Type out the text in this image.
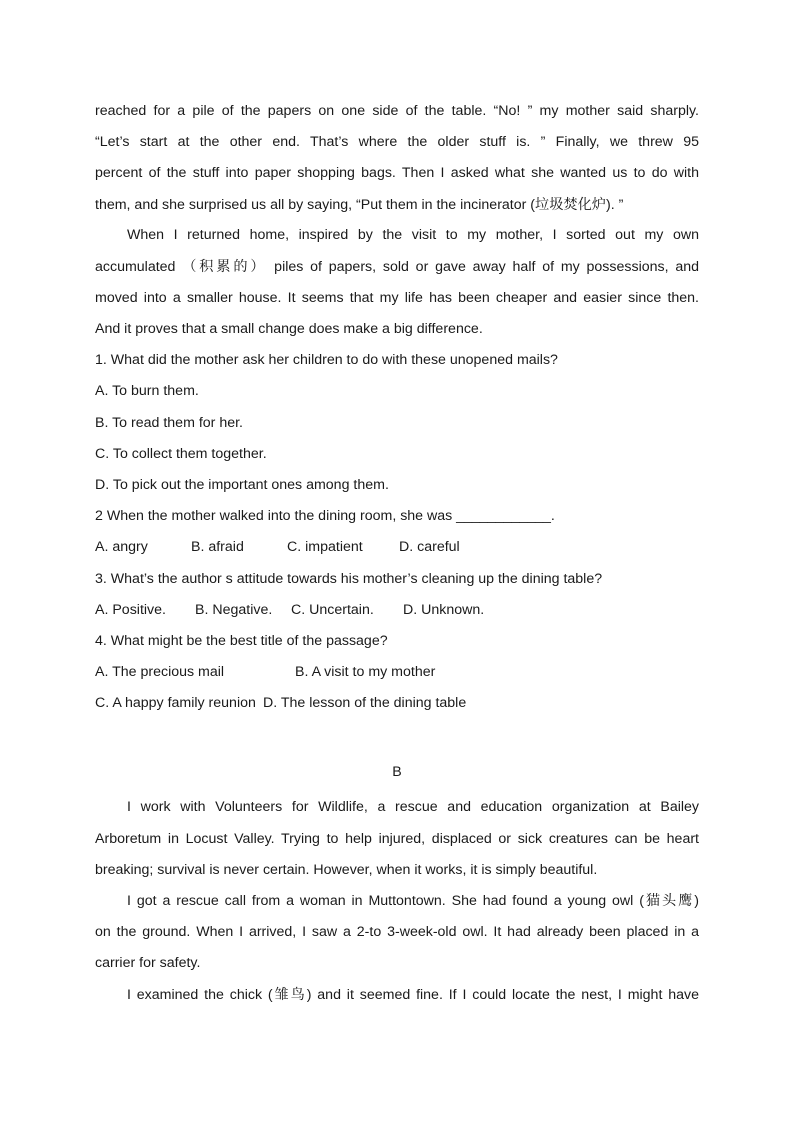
reached for a pile of the papers on one side of the table. “No! ” my mother said sharply.
“Let’s start at the other end. That’s where the older stuff is. ” Finally, we threw 95
percent of the stuff into paper shopping bags. Then I asked what she wanted us to do with
them, and she surprised us all by saying, “Put them in the incinerator (垃圾焚化炉). ”
When I returned home, inspired by the visit to my mother, I sorted out my own
accumulated （积累的） piles of papers, sold or gave away half of my possessions, and
moved into a smaller house. It seems that my life has been cheaper and easier since then.
And it proves that a small change does make a big difference.
1. What did the mother ask her children to do with these unopened mails?
A. To burn them.
B. To read them for her.
C. To collect them together.
D. To pick out the important ones among them.
2 When the mother walked into the dining room, she was ____________.
A. angry	B. afraid	C. impatient	D. careful
3. What’s the author s attitude towards his mother’s cleaning up the dining table?
A. Positive. B. Negative. C. Uncertain. D. Unknown.
4. What might be the best title of the passage?
A. The precious mail	B. A visit to my mother
C. A happy family reunion D. The lesson of the dining table
B
I work with Volunteers for Wildlife, a rescue and education organization at Bailey
Arboretum in Locust Valley. Trying to help injured, displaced or sick creatures can be heart
breaking; survival is never certain. However, when it works, it is simply beautiful.
I got a rescue call from a woman in Muttontown. She had found a young owl (猫头鹰)
on the ground. When I arrived, I saw a 2-to 3-week-old owl. It had already been placed in a
carrier for safety.
I examined the chick (雏鸟) and it seemed fine. If I could locate the nest, I might have
